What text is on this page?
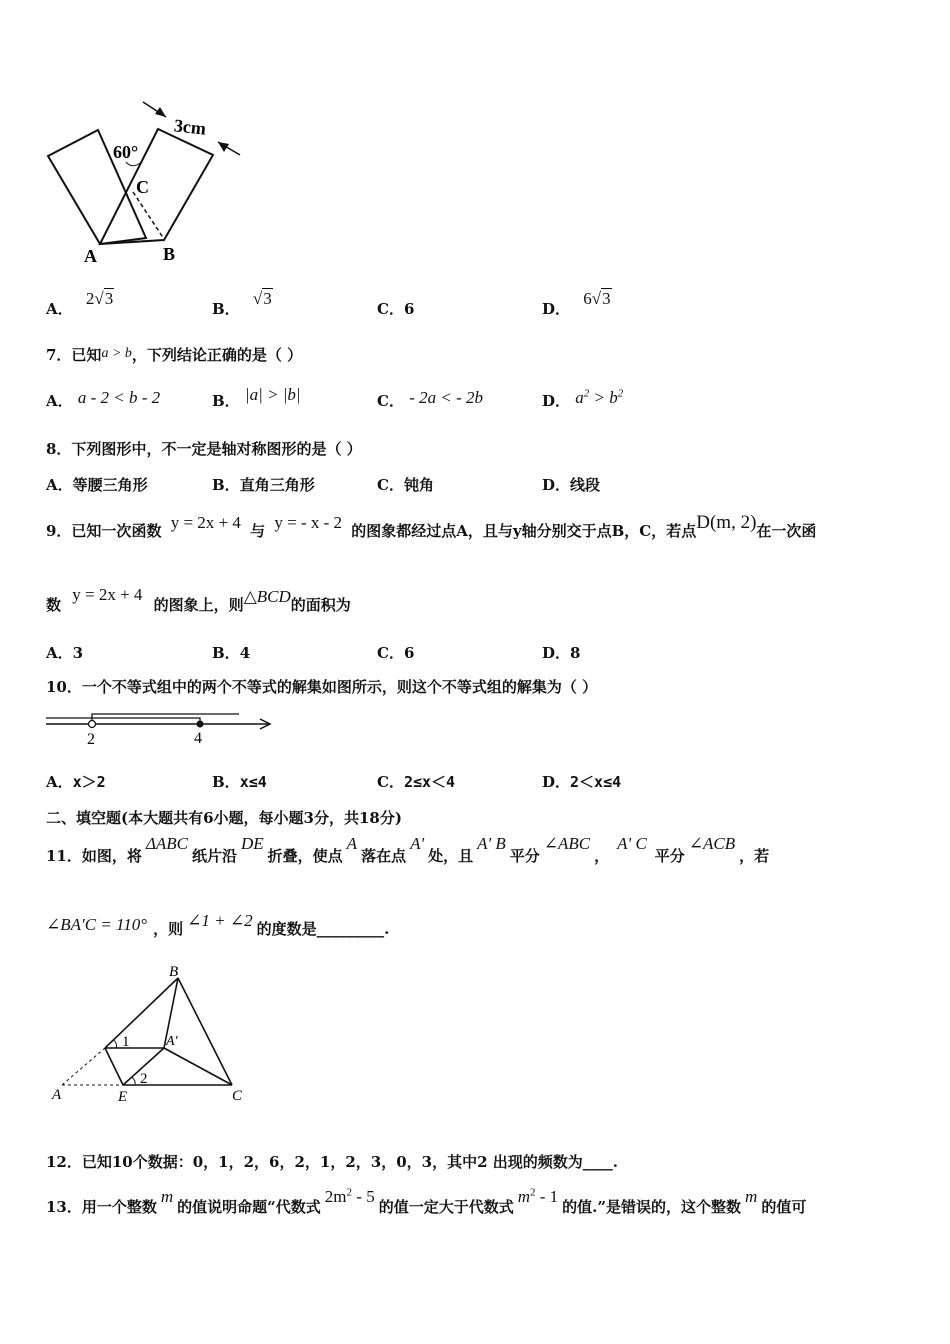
3cm
60°
C
A	B
A． 2√3
B． √3
C．6	D． 6√3
7．已知a > b，下列结论正确的是（ ）
A． a - 2 < b - 2	B． |a| > |b|	C． - 2a < - 2b	D． $a^2 > b^2$
8．下列图形中，不一定是轴对称图形的是（ ）
A．等腰三角形	B．直角三角形	C．钝角	D．线段
9．已知一次函数 y = 2x + 4 与 y = - x - 2 的图象都经过点A，且与y轴分别交于点B，C，若点D(m, 2)在一次函
数 y = 2x + 4 的图象上，则△BCD的面积为
A．3	B．4	C．6	D．8
10．一个不等式组中的两个不等式的解集如图所示，则这个不等式组的解集为（ ）
2	4
A．x＞2	B．x≤4	C．2≤x＜4	D．2＜x≤4
二、填空题(本大题共有6小题，每小题3分，共18分)
11．如图，将ΔABC纸片沿DE折叠，使点A落在点A'处，且A' B平分∠ABC，A' C平分∠ACB，若
∠BA′C = 110° ，则 ∠1 + ∠2 的度数是_________.
B
A′
A	E	C
1
2
12．已知10个数据：0，1，2，6，2，1，2，3，0，3，其中2 出现的频数为____.
13．用一个整数m的值说明命题“代数式$2m^2 - 5$的值一定大于代数式$m^2 - 1$的值.”是错误的，这个整数m的值可
